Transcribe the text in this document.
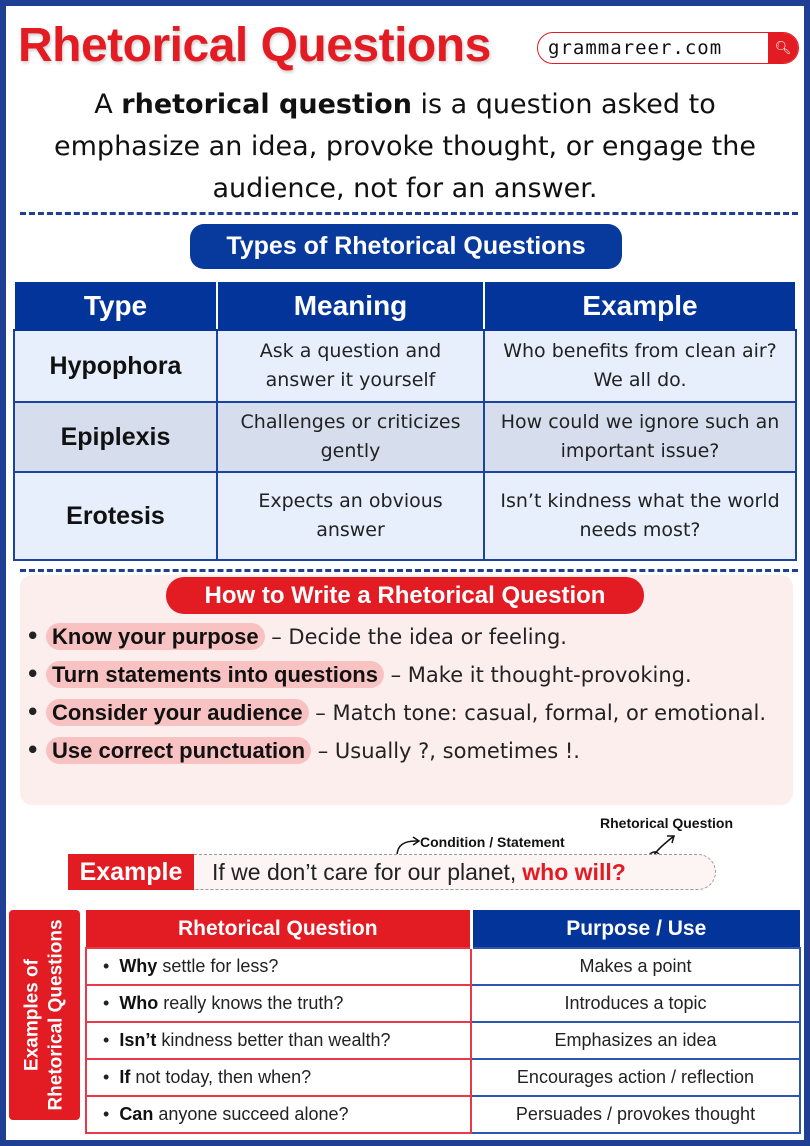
Rhetorical Questions	grammareer.com	🔍︎
A rhetorical question is a question asked to emphasize an idea, provoke thought, or engage the audience, not for an answer.
Types of Rhetorical Questions
Type	Meaning	Example
Hypophora	Ask a question and answer it yourself	Who benefits from clean air? We all do.
Epiplexis	Challenges or criticizes gently	How could we ignore such an important issue?
Erotesis	Expects an obvious answer	Isn’t kindness what the world needs most?
How to Write a Rhetorical Question
• Know your purpose – Decide the idea or feeling.
• Turn statements into questions – Make it thought-provoking.
• Consider your audience – Match tone: casual, formal, or emotional.
• Use correct punctuation – Usually ?, sometimes !.
Condition / Statement
Rhetorical Question
Example	If we don’t care for our planet, who will?
Examples of Rhetorical Questions	Rhetorical Question	Purpose / Use
•  Why settle for less?	Makes a point
•  Who really knows the truth?	Introduces a topic
•  Isn’t kindness better than wealth?	Emphasizes an idea
•  If not today, then when?	Encourages action / reflection
•  Can anyone succeed alone?	Persuades / provokes thought
